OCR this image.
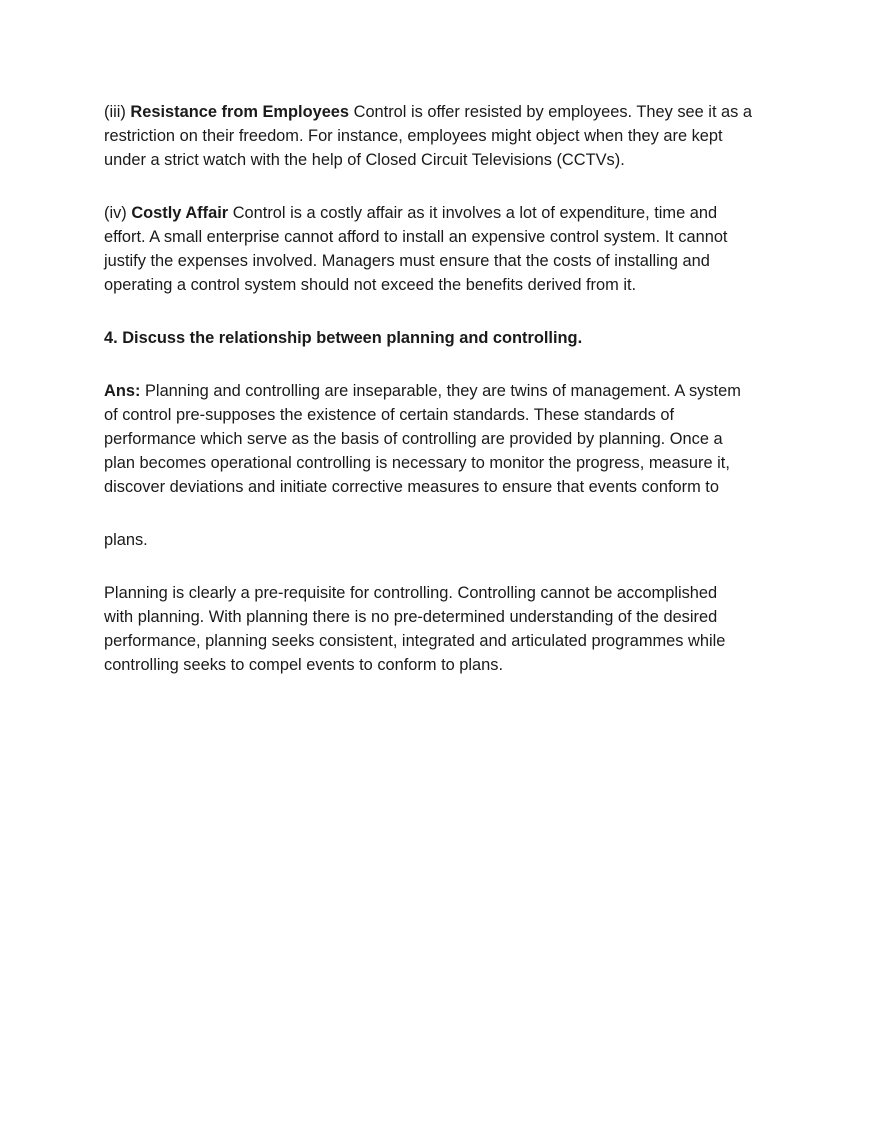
(iii) Resistance from Employees Control is offer resisted by employees. They see it as a
restriction on their freedom. For instance, employees might object when they are kept
under a strict watch with the help of Closed Circuit Televisions (CCTVs).
(iv) Costly Affair Control is a costly affair as it involves a lot of expenditure, time and
effort. A small enterprise cannot afford to install an expensive control system. It cannot
justify the expenses involved. Managers must ensure that the costs of installing and
operating a control system should not exceed the benefits derived from it.
4. Discuss the relationship between planning and controlling.
Ans: Planning and controlling are inseparable, they are twins of management. A system
of control pre-supposes the existence of certain standards. These standards of
performance which serve as the basis of controlling are provided by planning. Once a
plan becomes operational controlling is necessary to monitor the progress, measure it,
discover deviations and initiate corrective measures to ensure that events conform to
plans.
Planning is clearly a pre-requisite for controlling. Controlling cannot be accomplished
with planning. With planning there is no pre-determined understanding of the desired
performance, planning seeks consistent, integrated and articulated programmes while
controlling seeks to compel events to conform to plans.
